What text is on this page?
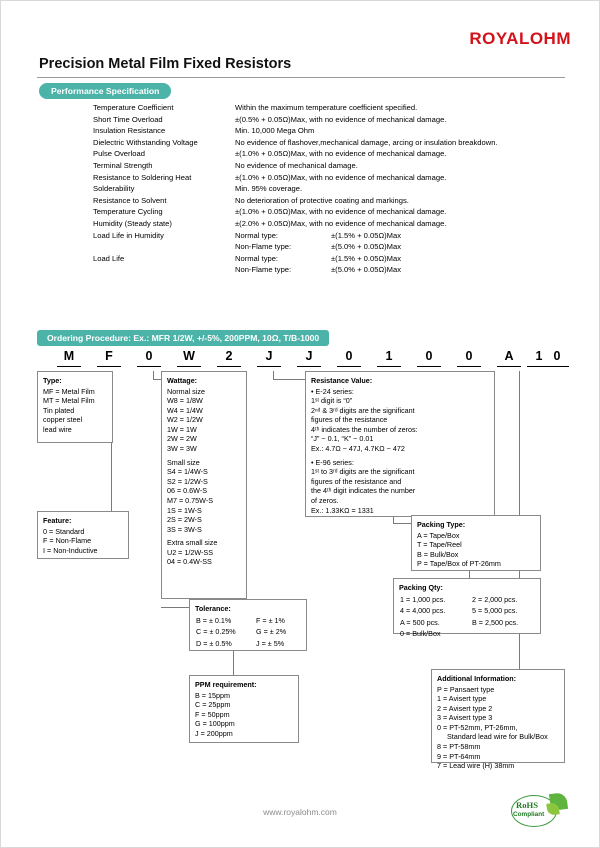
ROYALOHM
Precision Metal Film Fixed Resistors
Performance Specification
Temperature Coefficient	Within the maximum temperature coefficient specified.	
Short Time Overload	±(0.5% + 0.05Ω)Max, with no evidence of mechanical damage.	
Insulation Resistance	Min. 10,000 Mega Ohm	
Dielectric Withstanding Voltage	No evidence of flashover,mechanical damage, arcing or insulation breakdown.	
Pulse Overload	±(1.0% + 0.05Ω)Max, with no evidence of mechanical damage.	
Terminal Strength	No evidence of mechanical damage.	
Resistance to Soldering Heat	±(1.0% + 0.05Ω)Max, with no evidence of mechanical damage.	
Solderability	Min. 95% coverage.	
Resistance to Solvent	No deterioration of protective coating and markings.	
Temperature Cycling	±(1.0% + 0.05Ω)Max, with no evidence of mechanical damage.	
Humidity (Steady state)	±(2.0% + 0.05Ω)Max, with no evidence of mechanical damage.	
Load Life in Humidity	Normal type:	±(1.5% + 0.05Ω)Max
	Non-Flame type:	±(5.0% + 0.05Ω)Max
Load Life	Normal type:	±(1.5% + 0.05Ω)Max
	Non-Flame type:	±(5.0% + 0.05Ω)Max
Ordering Procedure: Ex.: MFR 1/2W, +/-5%, 200PPM, 10Ω, T/B-1000
M	F	0	W	2	J	J	0	1	0	0	A	1 0
Type:
MF = Metal Film
MT = Metal Film
Tin plated
copper steel
lead wire
Feature:
0 = Standard
F = Non-Flame
I = Non-Inductive
Wattage:
Normal size
W8 = 1/8W
W4 = 1/4W
W2 = 1/2W
1W = 1W
2W = 2W
3W = 3W
Small size
S4 = 1/4W-S
S2 = 1/2W-S
06 = 0.6W-S
M7 = 0.75W-S
1S = 1W-S
2S = 2W-S
3S = 3W-S
Extra small size
U2 = 1/2W-SS
04 = 0.4W-SS
Tolerance:
B = ± 0.1%	F = ± 1%
C = ± 0.25%	G = ± 2%
D = ± 0.5%	J = ± 5%
PPM requirement:
B = 15ppm
C = 25ppm
F = 50ppm
G = 100ppm
J = 200ppm
Resistance Value:
• E-24 series:
1ˢᵗ digit is “0”
2ⁿᵈ & 3ʳᵈ digits are the significant
figures of the resistance
4ᵗʰ indicates the number of zeros:
“J” ~ 0.1, “K” ~ 0.01
Ex.: 4.7Ω ~ 47J, 4.7KΩ ~ 472
• E-96 series:
1ˢᵗ to 3ʳᵈ digits are the significant
figures of the resistance and
the 4ᵗʰ digit indicates the number
of zeros.
Ex.: 1.33KΩ = 1331
Packing Type:
A = Tape/Box
T = Tape/Reel
B = Bulk/Box
P = Tape/Box of PT-26mm
Packing Qty:
1 = 1,000 pcs.	2 = 2,000 pcs.
4 = 4,000 pcs.	5 = 5,000 pcs.
A = 500 pcs.	B = 2,500 pcs.
0 = Bulk/Box	
Additional Information:
P = Pansaert type
1 = Avisert type
2 = Avisert type 2
3 = Avisert type 3
0 = PT-52mm, PT-26mm,
Standard lead wire for Bulk/Box
8 = PT-58mm
9 = PT-64mm
7 = Lead wire (H) 38mm
www.royalohm.com
RoHS
Compliant
